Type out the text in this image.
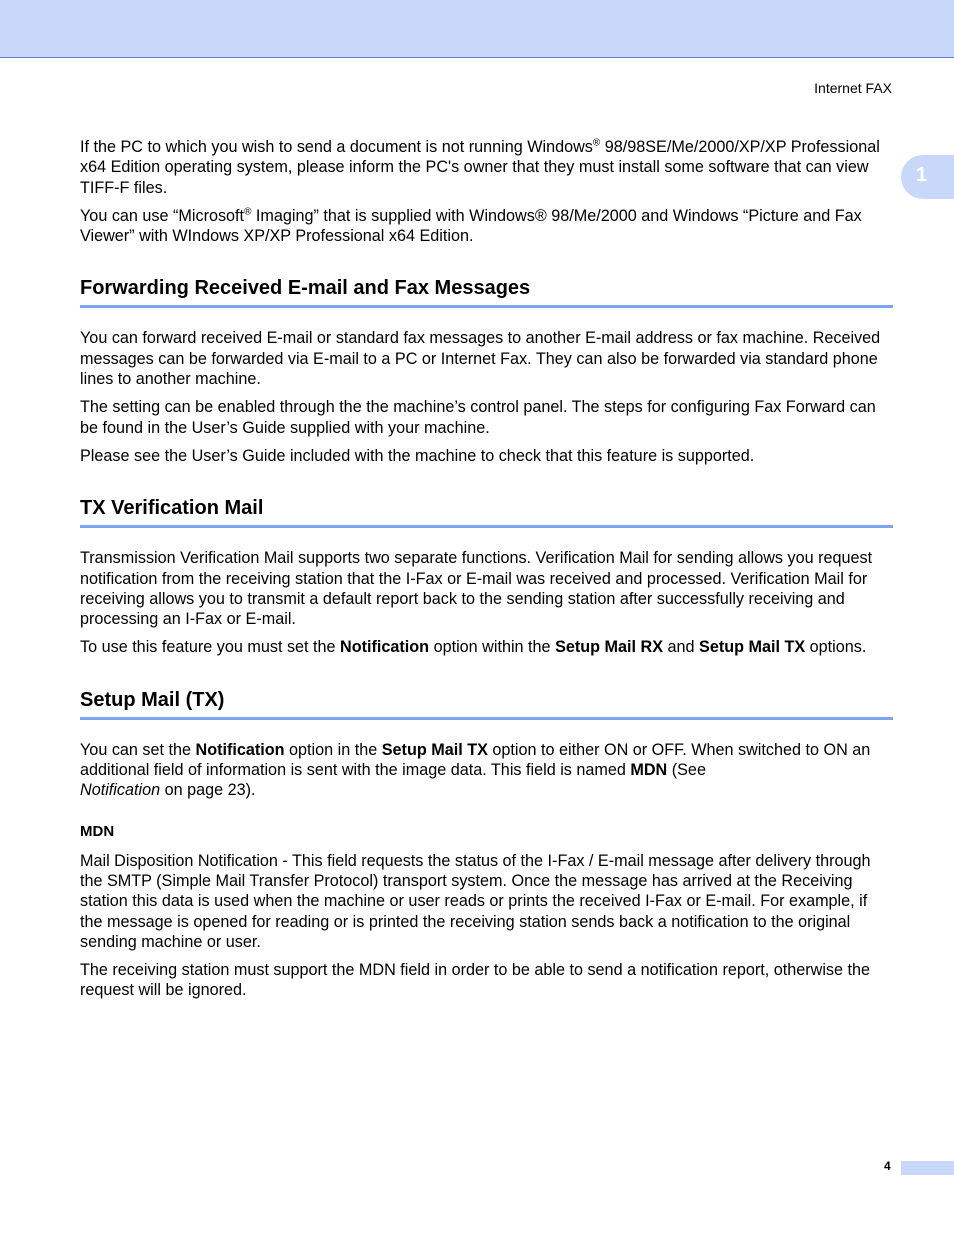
Internet FAX
1

If the PC to which you wish to send a document is not running Windows® 98/98SE/Me/2000/XP/XP Professional x64 Edition operating system, please inform the PC's owner that they must install some software that can view TIFF-F files.

You can use “Microsoft® Imaging” that is supplied with Windows® 98/Me/2000 and Windows “Picture and Fax Viewer” with WIndows XP/XP Professional x64 Edition.

Forwarding Received E-mail and Fax Messages

You can forward received E-mail or standard fax messages to another E-mail address or fax machine. Received messages can be forwarded via E-mail to a PC or Internet Fax. They can also be forwarded via standard phone lines to another machine.

The setting can be enabled through the the machine’s control panel. The steps for configuring Fax Forward can be found in the User’s Guide supplied with your machine.

Please see the User’s Guide included with the machine to check that this feature is supported.

TX Verification Mail

Transmission Verification Mail supports two separate functions. Verification Mail for sending allows you request notification from the receiving station that the I-Fax or E-mail was received and processed. Verification Mail for receiving allows you to transmit a default report back to the sending station after successfully receiving and processing an I-Fax or E-mail.

To use this feature you must set the Notification option within the Setup Mail RX and Setup Mail TX options.

Setup Mail (TX)

You can set the Notification option in the Setup Mail TX option to either ON or OFF. When switched to ON an additional field of information is sent with the image data. This field is named MDN (See
Notification on page 23).

MDN

Mail Disposition Notification - This field requests the status of the I-Fax / E-mail message after delivery through the SMTP (Simple Mail Transfer Protocol) transport system. Once the message has arrived at the Receiving station this data is used when the machine or user reads or prints the received I-Fax or E-mail. For example, if the message is opened for reading or is printed the receiving station sends back a notification to the original sending machine or user.

The receiving station must support the MDN field in order to be able to send a notification report, otherwise the request will be ignored.

4
